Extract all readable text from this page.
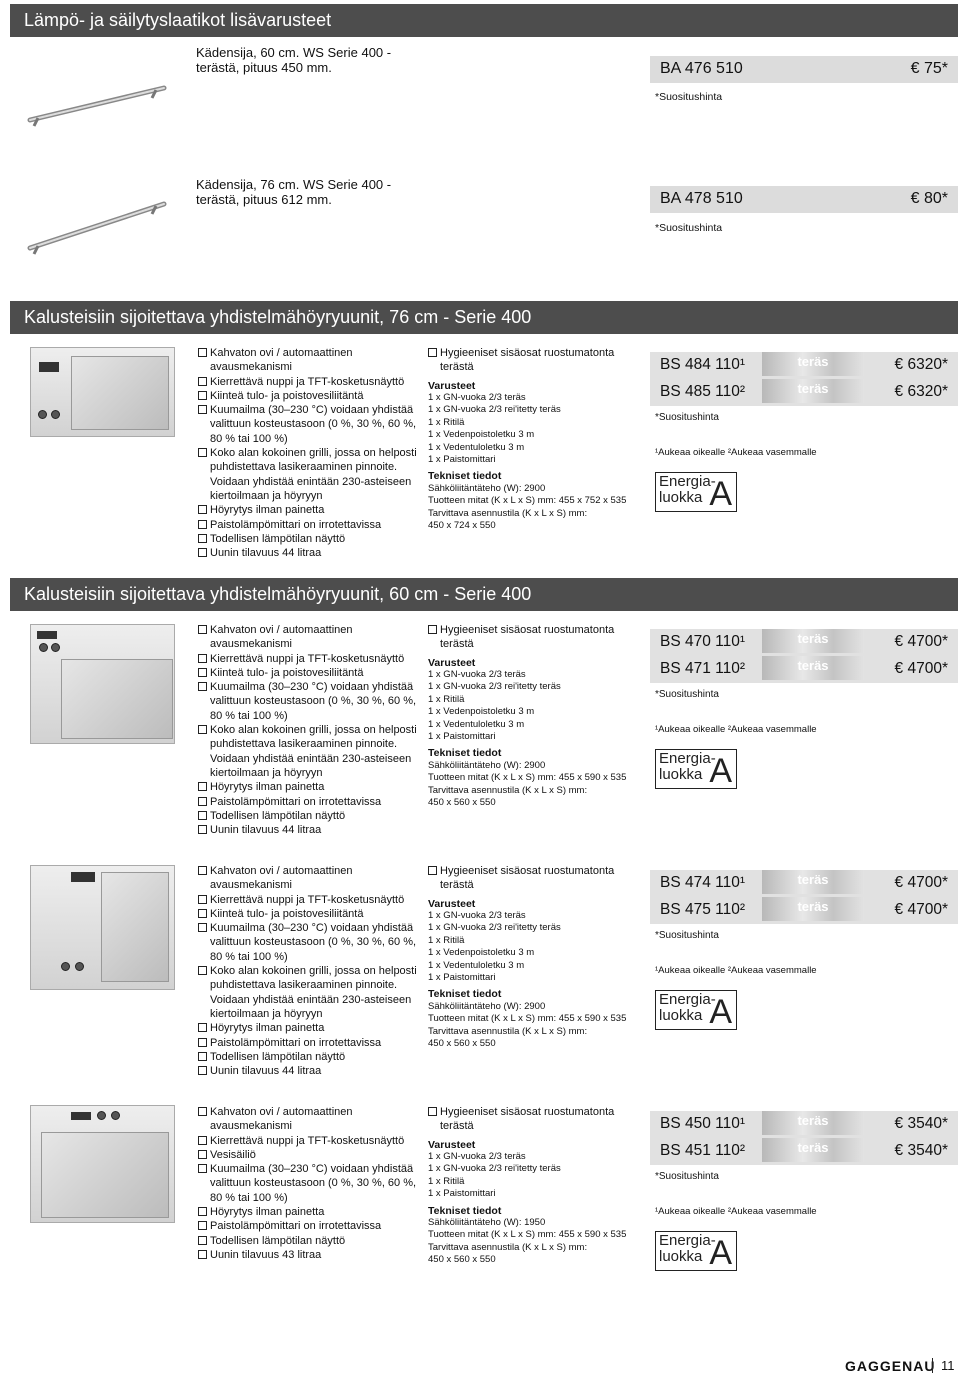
Lämpö- ja säilytyslaatikot lisävarusteet
Kädensija, 60 cm. WS Serie 400 - terästä, pituus 450 mm.	BA 476 510	€ 75*
*Suositushinta
Kädensija, 76 cm. WS Serie 400 - terästä, pituus 612 mm.	BA 478 510	€ 80*
*Suositushinta
Kalusteisiin sijoitettava yhdistelmähöyryuunit, 76 cm - Serie 400
Kahvaton ovi / automaattinen avausmekanismi
Kierrettävä nuppi ja TFT-kosketusnäyttö
Kiinteä tulo- ja poistovesiliitäntä
Kuumailma (30–230 °C) voidaan yhdistää valittuun kosteustasoon (0 %, 30 %, 60 %, 80 % tai 100 %)
Koko alan kokoinen grilli, jossa on helposti puhdistettava lasikeraaminen pinnoite. Voidaan yhdistää enintään 230-asteiseen kiertoilmaan ja höyryyn
Höyrytys ilman painetta
Paistolämpömittari on irrotettavissa
Todellisen lämpötilan näyttö
Uunin tilavuus 44 litraa
Hygieeniset sisäosat ruostumatonta terästä
Varusteet
1 x GN-vuoka 2/3 teräs
1 x GN-vuoka 2/3 rei'itetty teräs
1 x Ritilä
1 x Vedenpoistoletku 3 m
1 x Vedentuloletku 3 m
1 x Paistomittari
Tekniset tiedot
Sähköliitäntäteho (W): 2900
Tuotteen mitat (K x L x S) mm: 455 x 752 x 535
Tarvittava asennustila (K x L x S) mm:
450 x 724 x 550
BS 484 110¹	teräs	€ 6320*
BS 485 110²	teräs	€ 6320*
*Suositushinta
¹Aukeaa oikealle ²Aukeaa vasemmalle
Energia-luokka A
Kalusteisiin sijoitettava yhdistelmähöyryuunit, 60 cm - Serie 400
Kahvaton ovi / automaattinen avausmekanismi
Kierrettävä nuppi ja TFT-kosketusnäyttö
Kiinteä tulo- ja poistovesiliitäntä
Kuumailma (30–230 °C) voidaan yhdistää valittuun kosteustasoon (0 %, 30 %, 60 %, 80 % tai 100 %)
Koko alan kokoinen grilli, jossa on helposti puhdistettava lasikeraaminen pinnoite. Voidaan yhdistää enintään 230-asteiseen kiertoilmaan ja höyryyn
Höyrytys ilman painetta
Paistolämpömittari on irrotettavissa
Todellisen lämpötilan näyttö
Uunin tilavuus 44 litraa
Hygieeniset sisäosat ruostumatonta terästä
Varusteet
1 x GN-vuoka 2/3 teräs
1 x GN-vuoka 2/3 rei'itetty teräs
1 x Ritilä
1 x Vedenpoistoletku 3 m
1 x Vedentuloletku 3 m
1 x Paistomittari
Tekniset tiedot
Sähköliitäntäteho (W): 2900
Tuotteen mitat (K x L x S) mm: 455 x 590 x 535
Tarvittava asennustila (K x L x S) mm:
450 x 560 x 550
BS 470 110¹	teräs	€ 4700*
BS 471 110²	teräs	€ 4700*
*Suositushinta
¹Aukeaa oikealle ²Aukeaa vasemmalle
Energia-luokka A
Kahvaton ovi / automaattinen avausmekanismi
Kierrettävä nuppi ja TFT-kosketusnäyttö
Kiinteä tulo- ja poistovesiliitäntä
Kuumailma (30–230 °C) voidaan yhdistää valittuun kosteustasoon (0 %, 30 %, 60 %, 80 % tai 100 %)
Koko alan kokoinen grilli, jossa on helposti puhdistettava lasikeraaminen pinnoite. Voidaan yhdistää enintään 230-asteiseen kiertoilmaan ja höyryyn
Höyrytys ilman painetta
Paistolämpömittari on irrotettavissa
Todellisen lämpötilan näyttö
Uunin tilavuus 44 litraa
Hygieeniset sisäosat ruostumatonta terästä
Varusteet
1 x GN-vuoka 2/3 teräs
1 x GN-vuoka 2/3 rei'itetty teräs
1 x Ritilä
1 x Vedenpoistoletku 3 m
1 x Vedentuloletku 3 m
1 x Paistomittari
Tekniset tiedot
Sähköliitäntäteho (W): 2900
Tuotteen mitat (K x L x S) mm: 455 x 590 x 535
Tarvittava asennustila (K x L x S) mm:
450 x 560 x 550
BS 474 110¹	teräs	€ 4700*
BS 475 110²	teräs	€ 4700*
*Suositushinta
¹Aukeaa oikealle ²Aukeaa vasemmalle
Energia-luokka A
Kahvaton ovi / automaattinen avausmekanismi
Kierrettävä nuppi ja TFT-kosketusnäyttö
Vesisäiliö
Kuumailma (30–230 °C) voidaan yhdistää valittuun kosteustasoon (0 %, 30 %, 60 %, 80 % tai 100 %)
Höyrytys ilman painetta
Paistolämpömittari on irrotettavissa
Todellisen lämpötilan näyttö
Uunin tilavuus 43 litraa
Hygieeniset sisäosat ruostumatonta terästä
Varusteet
1 x GN-vuoka 2/3 teräs
1 x GN-vuoka 2/3 rei'itetty teräs
1 x Ritilä
1 x Paistomittari
Tekniset tiedot
Sähköliitäntäteho (W): 1950
Tuotteen mitat (K x L x S) mm: 455 x 590 x 535
Tarvittava asennustila (K x L x S) mm:
450 x 560 x 550
BS 450 110¹	teräs	€ 3540*
BS 451 110²	teräs	€ 3540*
*Suositushinta
¹Aukeaa oikealle ²Aukeaa vasemmalle
Energia-luokka A
GAGGENAU 11
